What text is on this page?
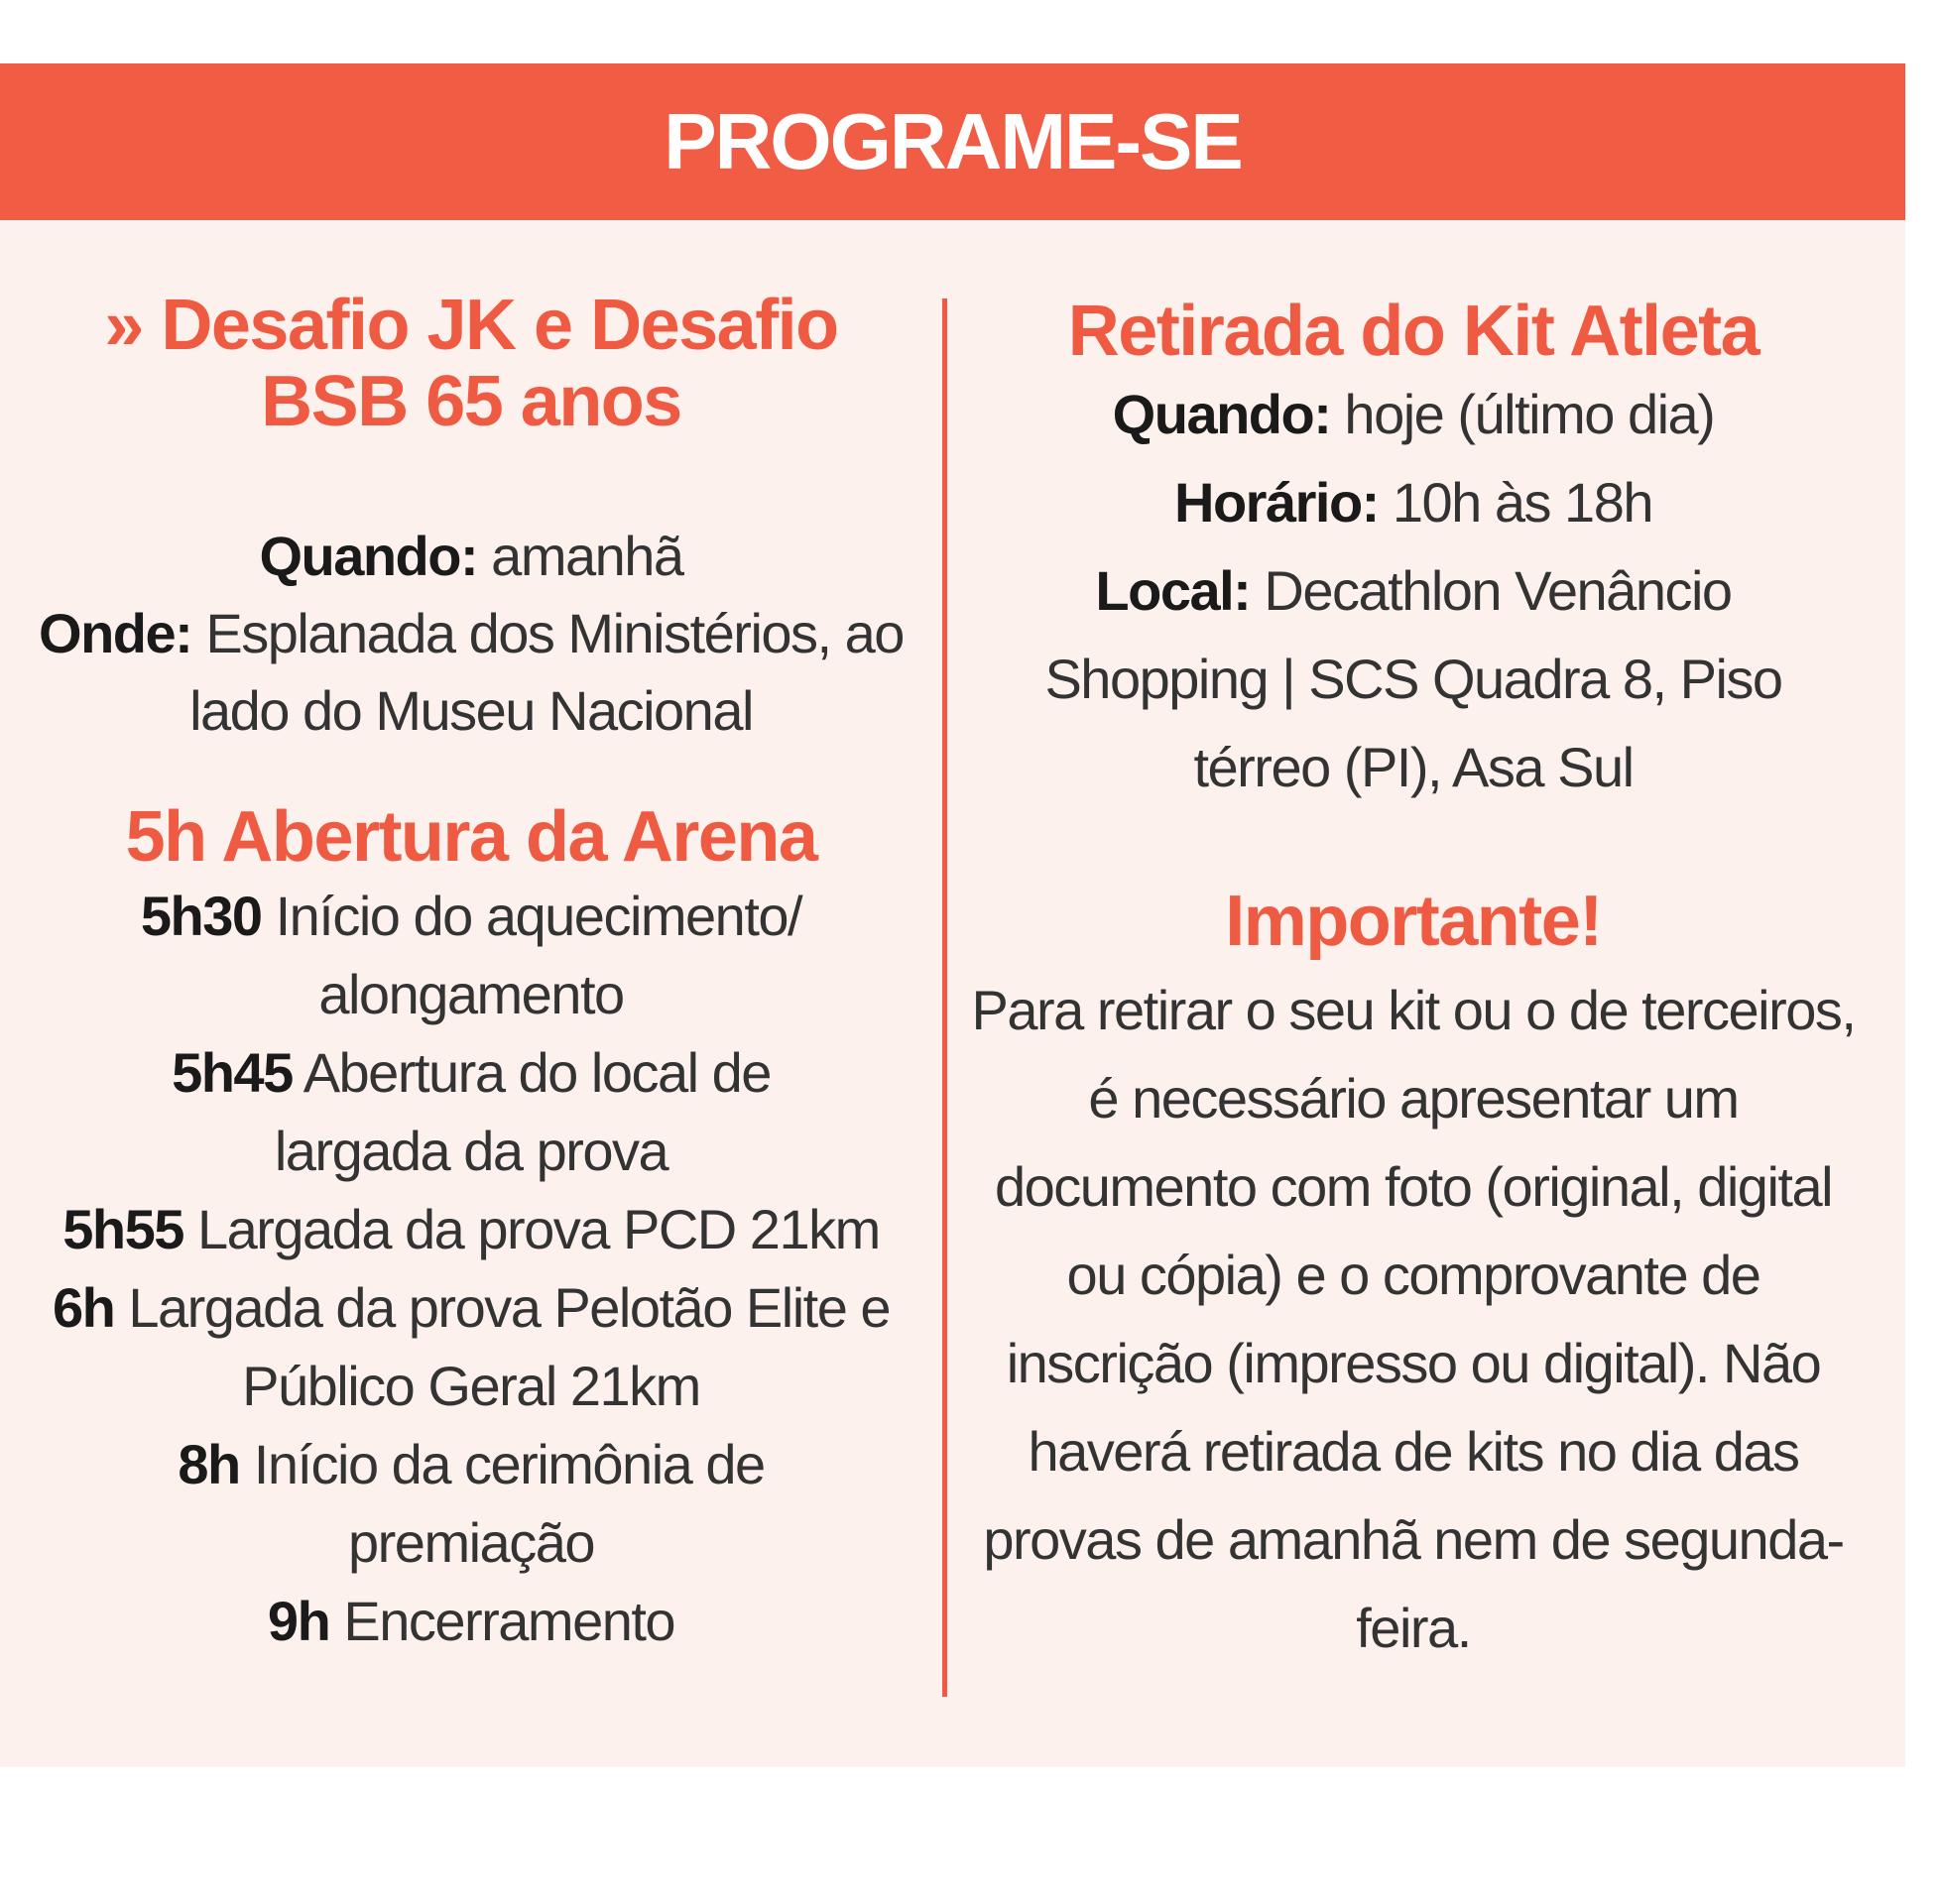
PROGRAME-SE
» Desafio JK e Desafio BSB 65 anos
Quando: amanhã
Onde: Esplanada dos Ministérios, ao lado do Museu Nacional
5h Abertura da Arena
5h30 Início do aquecimento/ alongamento
5h45 Abertura do local de largada da prova
5h55 Largada da prova PCD 21km
6h Largada da prova Pelotão Elite e Público Geral 21km
8h Início da cerimônia de premiação
9h Encerramento
Retirada do Kit Atleta
Quando: hoje (último dia)
Horário: 10h às 18h
Local: Decathlon Venâncio Shopping | SCS Quadra 8, Piso térreo (PI), Asa Sul
Importante!
Para retirar o seu kit ou o de terceiros, é necessário apresentar um documento com foto (original, digital ou cópia) e o comprovante de inscrição (impresso ou digital). Não haverá retirada de kits no dia das provas de amanhã nem de segunda-feira.
